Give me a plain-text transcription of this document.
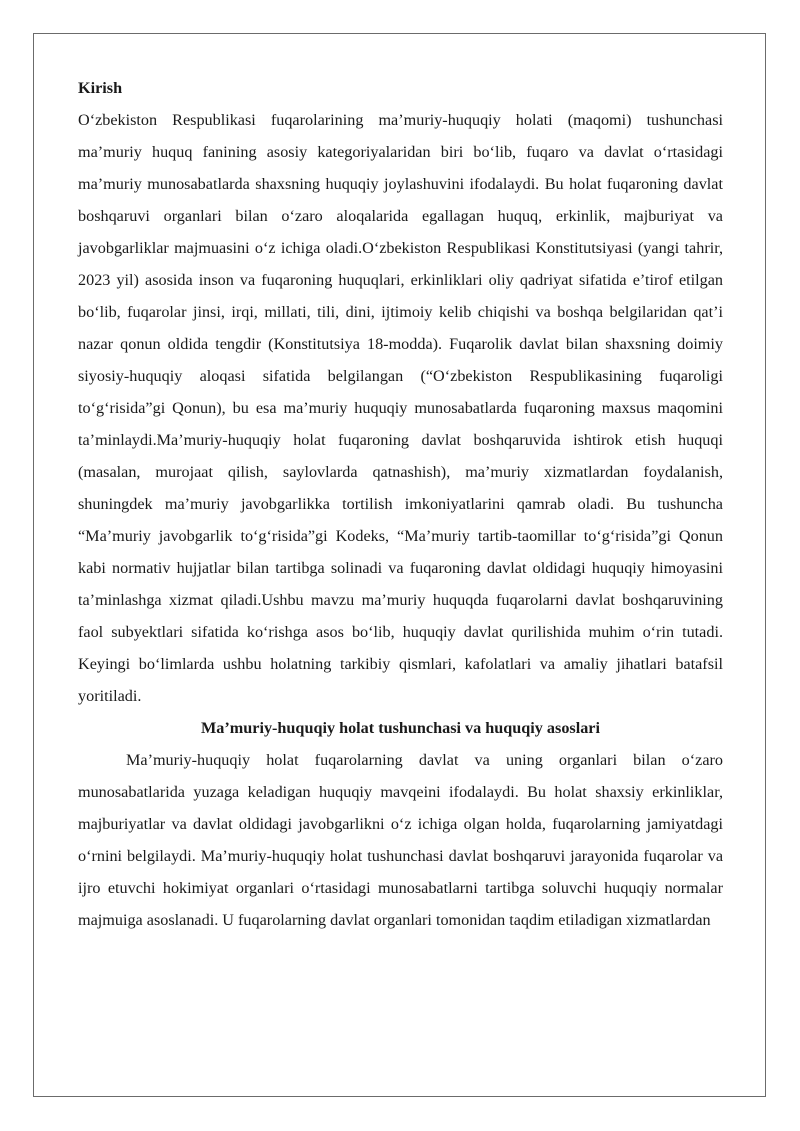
Kirish

O‘zbekiston Respublikasi fuqarolarining ma’muriy-huquqiy holati (maqomi) tushunchasi ma’muriy huquq fanining asosiy kategoriyalaridan biri bo‘lib, fuqaro va davlat o‘rtasidagi ma’muriy munosabatlarda shaxsning huquqiy joylashuvini ifodalaydi. Bu holat fuqaroning davlat boshqaruvi organlari bilan o‘zaro aloqalarida egallagan huquq, erkinlik, majburiyat va javobgarliklar majmuasini o‘z ichiga oladi.O‘zbekiston Respublikasi Konstitutsiyasi (yangi tahrir, 2023 yil) asosida inson va fuqaroning huquqlari, erkinliklari oliy qadriyat sifatida e’tirof etilgan bo‘lib, fuqarolar jinsi, irqi, millati, tili, dini, ijtimoiy kelib chiqishi va boshqa belgilaridan qat’i nazar qonun oldida tengdir (Konstitutsiya 18-modda). Fuqarolik davlat bilan shaxsning doimiy siyosiy-huquqiy aloqasi sifatida belgilangan (“O‘zbekiston Respublikasining fuqaroligi to‘g‘risida”gi Qonun), bu esa ma’muriy huquqiy munosabatlarda fuqaroning maxsus maqomini ta’minlaydi.Ma’muriy-huquqiy holat fuqaroning davlat boshqaruvida ishtirok etish huquqi (masalan, murojaat qilish, saylovlarda qatnashish), ma’muriy xizmatlardan foydalanish, shuningdek ma’muriy javobgarlikka tortilish imkoniyatlarini qamrab oladi. Bu tushuncha “Ma’muriy javobgarlik to‘g‘risida”gi Kodeks, “Ma’muriy tartib-taomillar to‘g‘risida”gi Qonun kabi normativ hujjatlar bilan tartibga solinadi va fuqaroning davlat oldidagi huquqiy himoyasini ta’minlashga xizmat qiladi.Ushbu mavzu ma’muriy huquqda fuqarolarni davlat boshqaruvining faol subyektlari sifatida ko‘rishga asos bo‘lib, huquqiy davlat qurilishida muhim o‘rin tutadi. Keyingi bo‘limlarda ushbu holatning tarkibiy qismlari, kafolatlari va amaliy jihatlari batafsil yoritiladi.

Ma’muriy-huquqiy holat tushunchasi va huquqiy asoslari

Ma’muriy-huquqiy holat fuqarolarning davlat va uning organlari bilan o‘zaro munosabatlarida yuzaga keladigan huquqiy mavqeini ifodalaydi. Bu holat shaxsiy erkinliklar, majburiyatlar va davlat oldidagi javobgarlikni o‘z ichiga olgan holda, fuqarolarning jamiyatdagi o‘rnini belgilaydi. Ma’muriy-huquqiy holat tushunchasi davlat boshqaruvi jarayonida fuqarolar va ijro etuvchi hokimiyat organlari o‘rtasidagi munosabatlarni tartibga soluvchi huquqiy normalar majmuiga asoslanadi. U fuqarolarning davlat organlari tomonidan taqdim etiladigan xizmatlardan
